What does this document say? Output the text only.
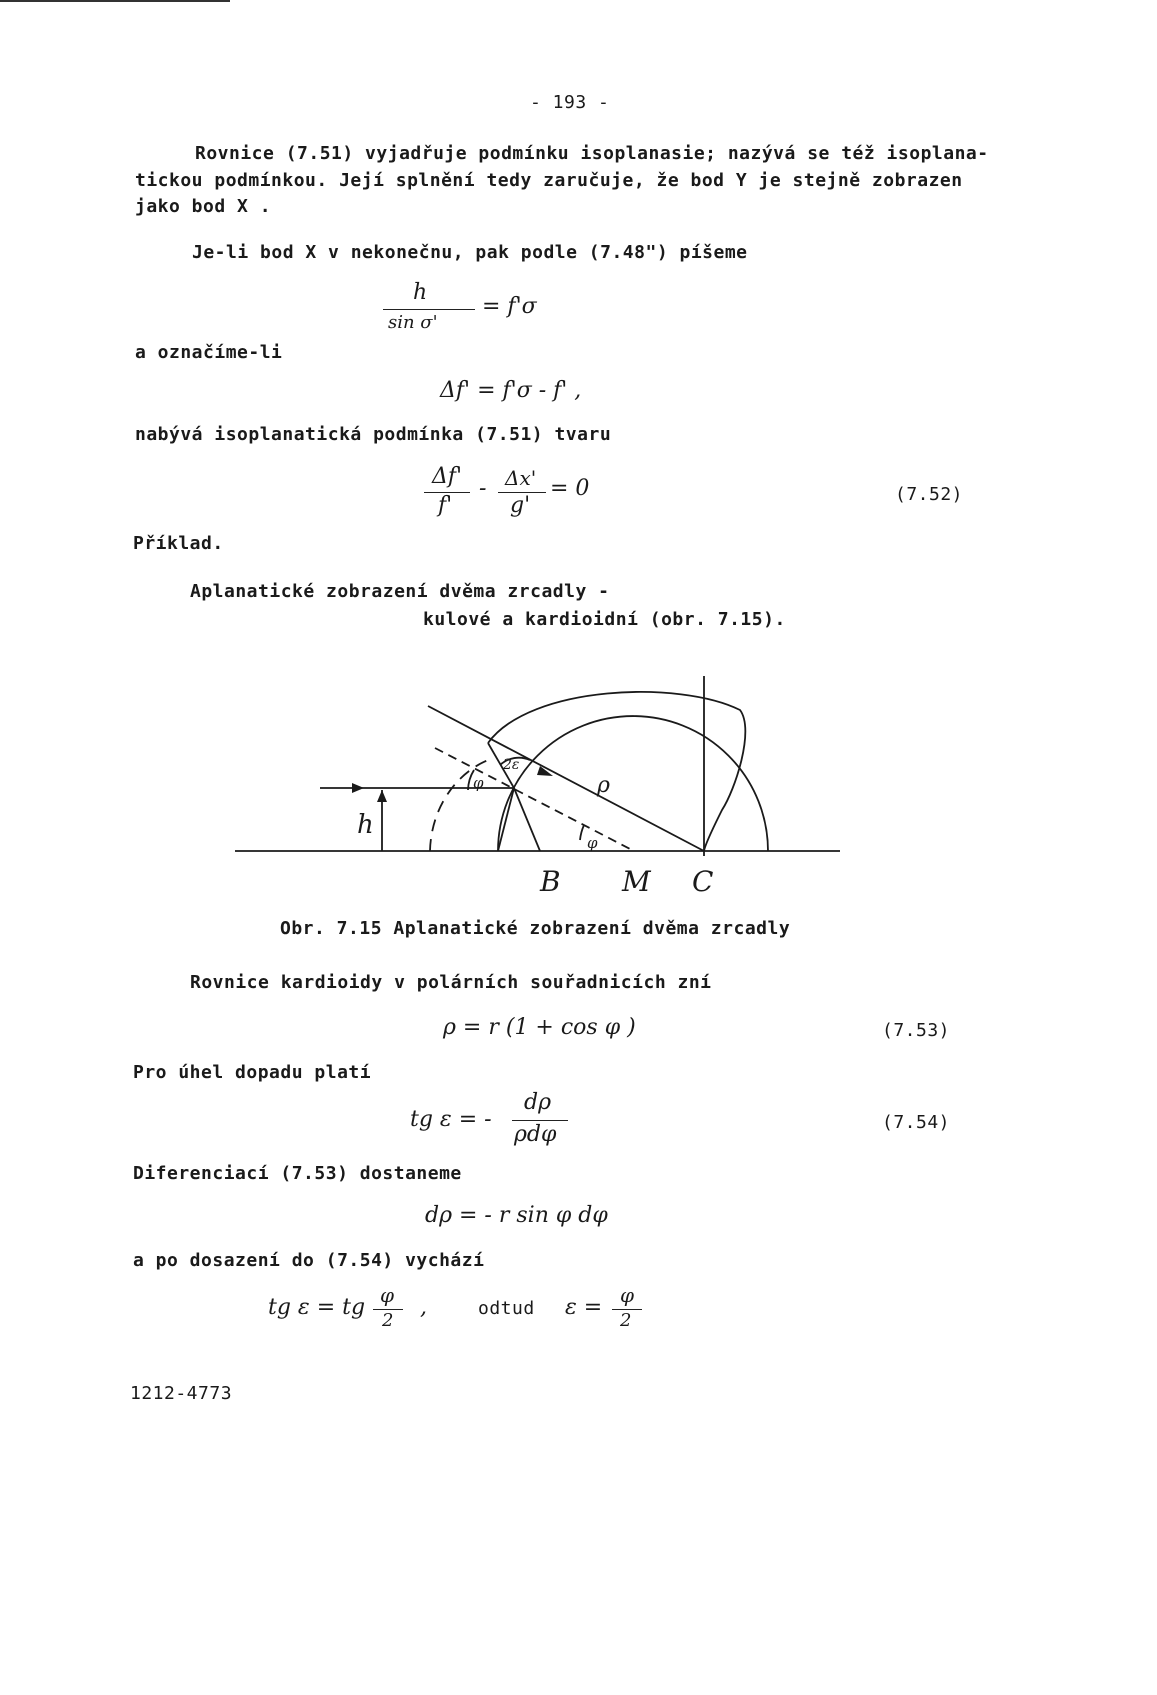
- 193 -
Rovnice (7.51) vyjadřuje podmínku isoplanasie; nazývá se též isoplana-
tickou podmínkou. Její splnění tedy zaručuje, že bod Y je stejně zobrazen
jako bod X .
Je-li bod X v nekonečnu, pak podle (7.48") píšeme
h
sin σ'
= f'σ
a označíme-li
Δf' = f'σ - f' ,
nabývá isoplanatická podmínka (7.51) tvaru
Δf'
f'
- Δx'
g'
= 0	(7.52)
Příklad.
Aplanatické zobrazení dvěma zrcadly -
kulové a kardioidní (obr. 7.15).
h
B M C
ρ
φ
φ
2ε
Obr. 7.15 Aplanatické zobrazení dvěma zrcadly
Rovnice kardioidy v polárních souřadnicích zní
ρ = r (1 + cos φ )	(7.53)
Pro úhel dopadu platí
tg ε = -
dρ
ρdφ	(7.54)
Diferenciací (7.53) dostaneme
dρ = - r sin φ dφ
a po dosazení do (7.54) vychází
tg ε = tg φ
2
,	odtud ε = φ
2
1212-4773
